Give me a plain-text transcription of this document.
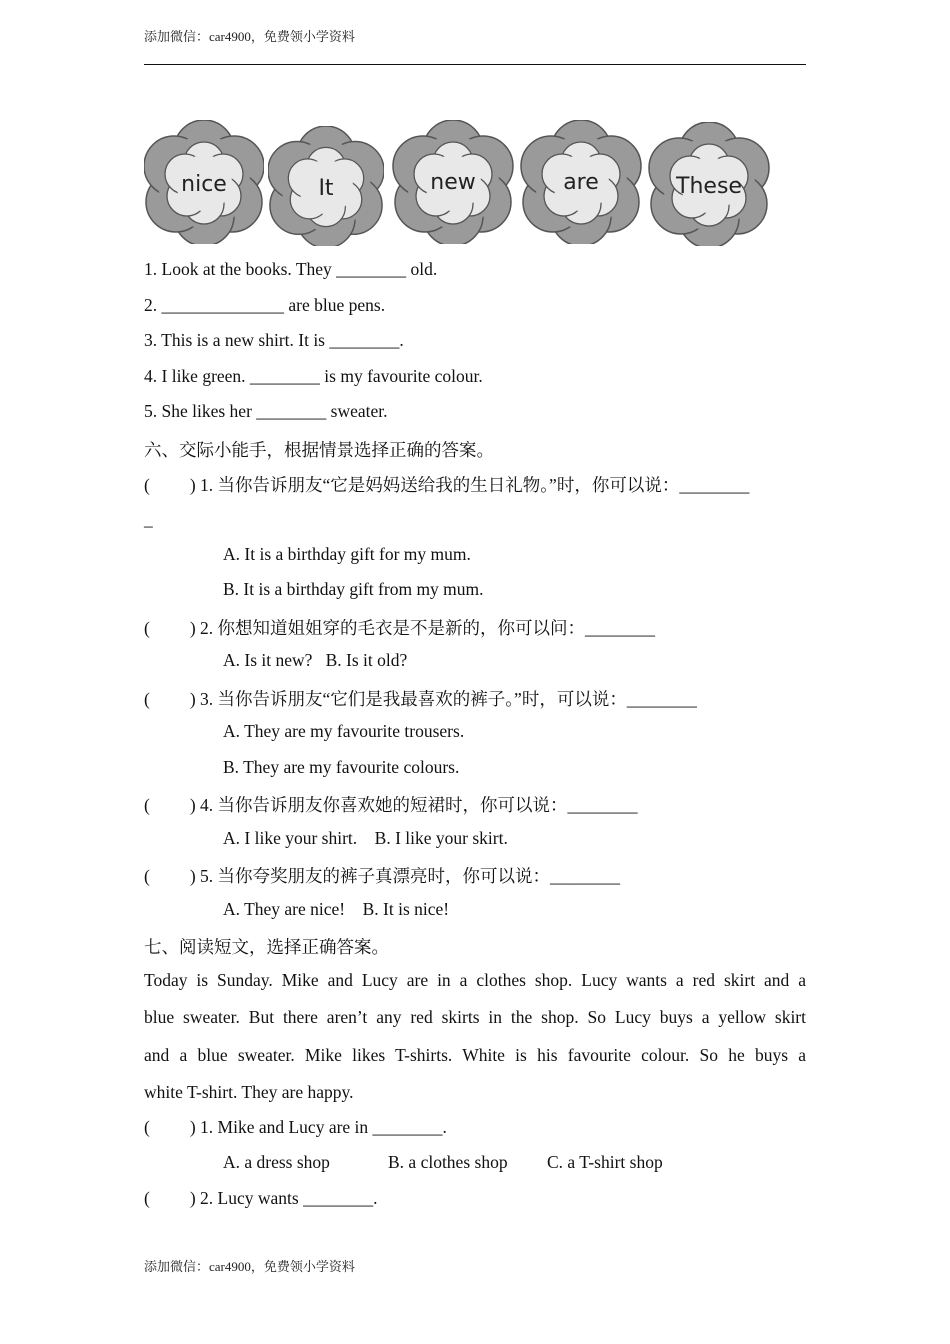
添加微信：car4900，免费领小学资料
nice	It	new	are	These
1. Look at the books. They ________ old.
2. ______________ are blue pens.
3. This is a new shirt. It is ________.
4. I like green. ________ is my favourite colour.
5. She likes her ________ sweater.
六、交际小能手，根据情景选择正确的答案。
( ) 1. 当你告诉朋友“它是妈妈送给我的生日礼物。”时，你可以说：________
_
A. It is a birthday gift for my mum.
B. It is a birthday gift from my mum.
( ) 2. 你想知道姐姐穿的毛衣是不是新的，你可以问：________
A. Is it new? B. Is it old?
( ) 3. 当你告诉朋友“它们是我最喜欢的裤子。”时，可以说：________
A. They are my favourite trousers.
B. They are my favourite colours.
( ) 4. 当你告诉朋友你喜欢她的短裙时，你可以说：________
A. I like your shirt. B. I like your skirt.
( ) 5. 当你夸奖朋友的裤子真漂亮时，你可以说：________
A. They are nice! B. It is nice!
七、阅读短文，选择正确答案。
Today is Sunday. Mike and Lucy are in a clothes shop. Lucy wants a red skirt and a
blue sweater. But there aren’t any red skirts in the shop. So Lucy buys a yellow skirt
and a blue sweater. Mike likes T-shirts. White is his favourite colour. So he buys a
white T-shirt. They are happy.
( ) 1. Mike and Lucy are in ________.
A. a dress shop	B. a clothes shop C. a T-shirt shop
( ) 2. Lucy wants ________.
添加微信：car4900，免费领小学资料
